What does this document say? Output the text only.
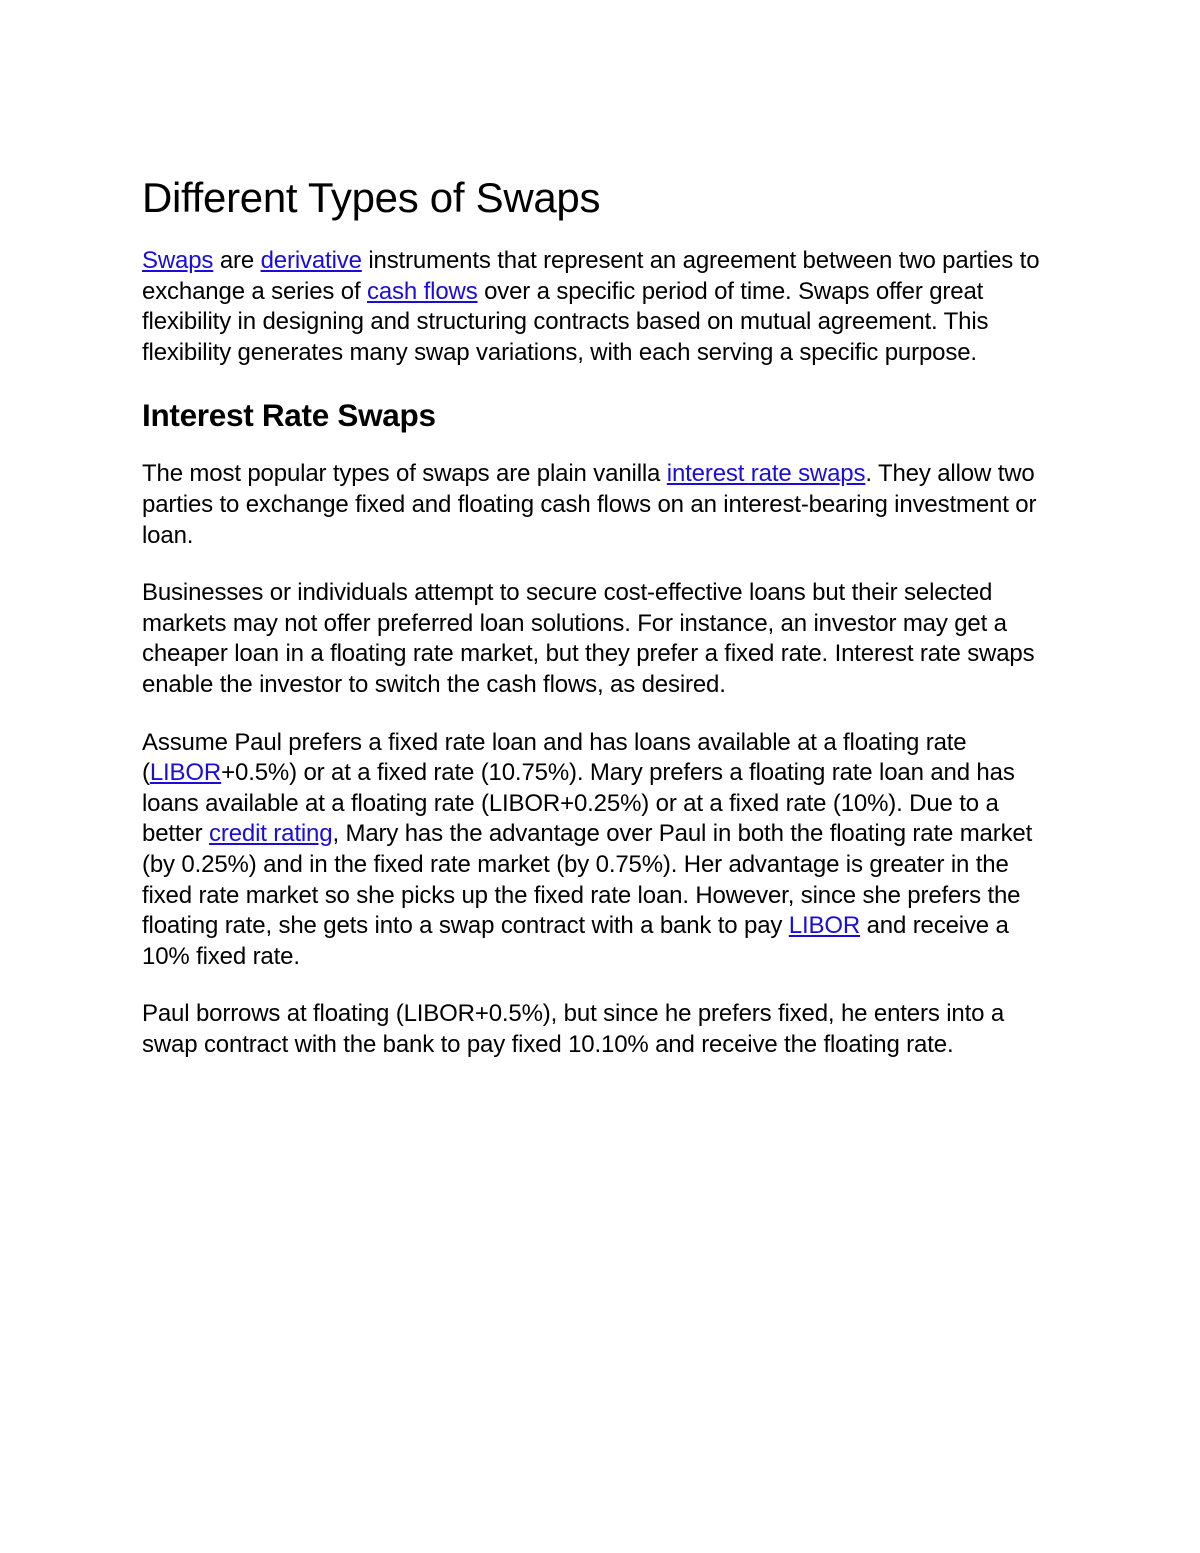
Different Types of Swaps

Swaps are derivative instruments that represent an agreement between two parties to exchange a series of cash flows over a specific period of time. Swaps offer great flexibility in designing and structuring contracts based on mutual agreement. This flexibility generates many swap variations, with each serving a specific purpose.

Interest Rate Swaps

The most popular types of swaps are plain vanilla interest rate swaps. They allow two parties to exchange fixed and floating cash flows on an interest-bearing investment or loan.

Businesses or individuals attempt to secure cost-effective loans but their selected markets may not offer preferred loan solutions. For instance, an investor may get a cheaper loan in a floating rate market, but they prefer a fixed rate. Interest rate swaps enable the investor to switch the cash flows, as desired.

Assume Paul prefers a fixed rate loan and has loans available at a floating rate (LIBOR+0.5%) or at a fixed rate (10.75%). Mary prefers a floating rate loan and has loans available at a floating rate (LIBOR+0.25%) or at a fixed rate (10%). Due to a better credit rating, Mary has the advantage over Paul in both the floating rate market (by 0.25%) and in the fixed rate market (by 0.75%). Her advantage is greater in the fixed rate market so she picks up the fixed rate loan. However, since she prefers the floating rate, she gets into a swap contract with a bank to pay LIBOR and receive a 10% fixed rate.

Paul borrows at floating (LIBOR+0.5%), but since he prefers fixed, he enters into a swap contract with the bank to pay fixed 10.10% and receive the floating rate.
